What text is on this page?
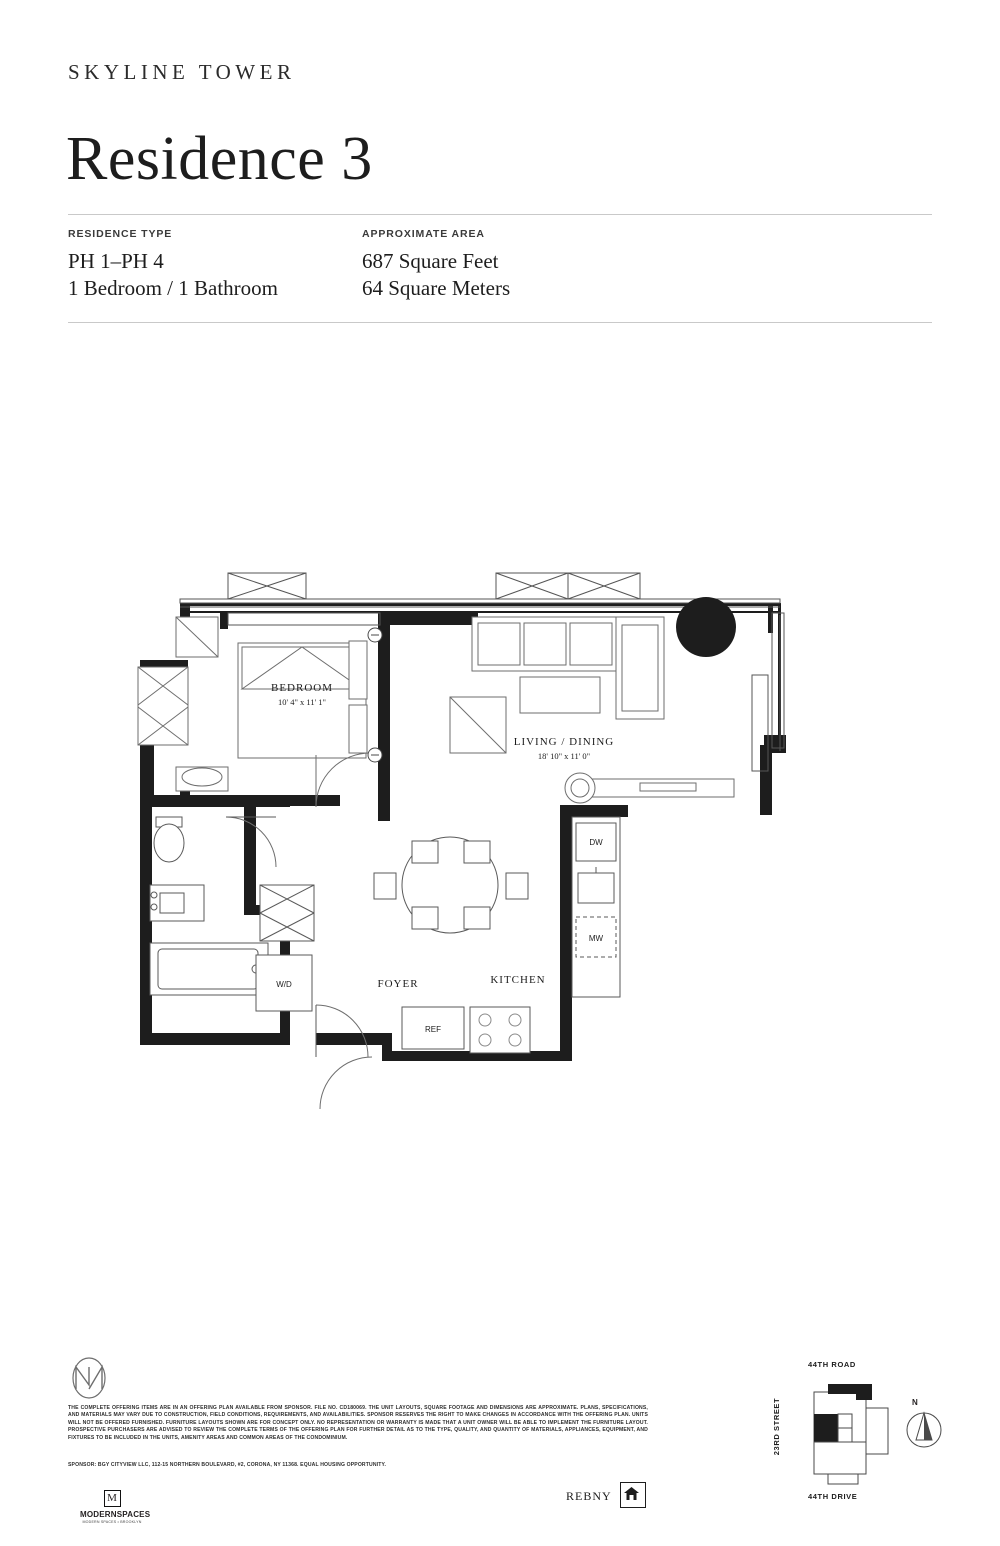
SKYLINE TOWER
Residence 3
RESIDENCE TYPE
PH 1–PH 4
1 Bedroom / 1 Bathroom
APPROXIMATE AREA
687 Square Feet
64 Square Meters
BEDROOM
10' 4" x 11' 1"
LIVING / DINING
18' 10" x 11' 0"
KITCHEN
FOYER
DW
MW
REF
W/D
THE COMPLETE OFFERING ITEMS ARE IN AN OFFERING PLAN AVAILABLE FROM SPONSOR. FILE NO. CD180069. THE UNIT LAYOUTS, SQUARE FOOTAGE AND DIMENSIONS ARE APPROXIMATE. PLANS, SPECIFICATIONS, AND MATERIALS MAY VARY DUE TO CONSTRUCTION, FIELD CONDITIONS, REQUIREMENTS, AND AVAILABILITIES. SPONSOR RESERVES THE RIGHT TO MAKE CHANGES IN ACCORDANCE WITH THE OFFERING PLAN. UNITS WILL NOT BE OFFERED FURNISHED. FURNITURE LAYOUTS SHOWN ARE FOR CONCEPT ONLY. NO REPRESENTATION OR WARRANTY IS MADE THAT A UNIT OWNER WILL BE ABLE TO IMPLEMENT THE FURNITURE LAYOUT. PROSPECTIVE PURCHASERS ARE ADVISED TO REVIEW THE COMPLETE TERMS OF THE OFFERING PLAN FOR FURTHER DETAIL AS TO THE TYPE, QUALITY, AND QUANTITY OF MATERIALS, APPLIANCES, EQUIPMENT, AND FIXTURES TO BE INCLUDED IN THE UNITS, AMENITY AREAS AND COMMON AREAS OF THE CONDOMINIUM.
SPONSOR: BGY CITYVIEW LLC, 112-15 NORTHERN BOULEVARD, #2, CORONA, NY 11368. EQUAL HOUSING OPPORTUNITY.
M
MODERNSPACES
MODERN SPACES • BROOKLYN
REBNY
44TH ROAD
44TH DRIVE
23RD STREET	N
